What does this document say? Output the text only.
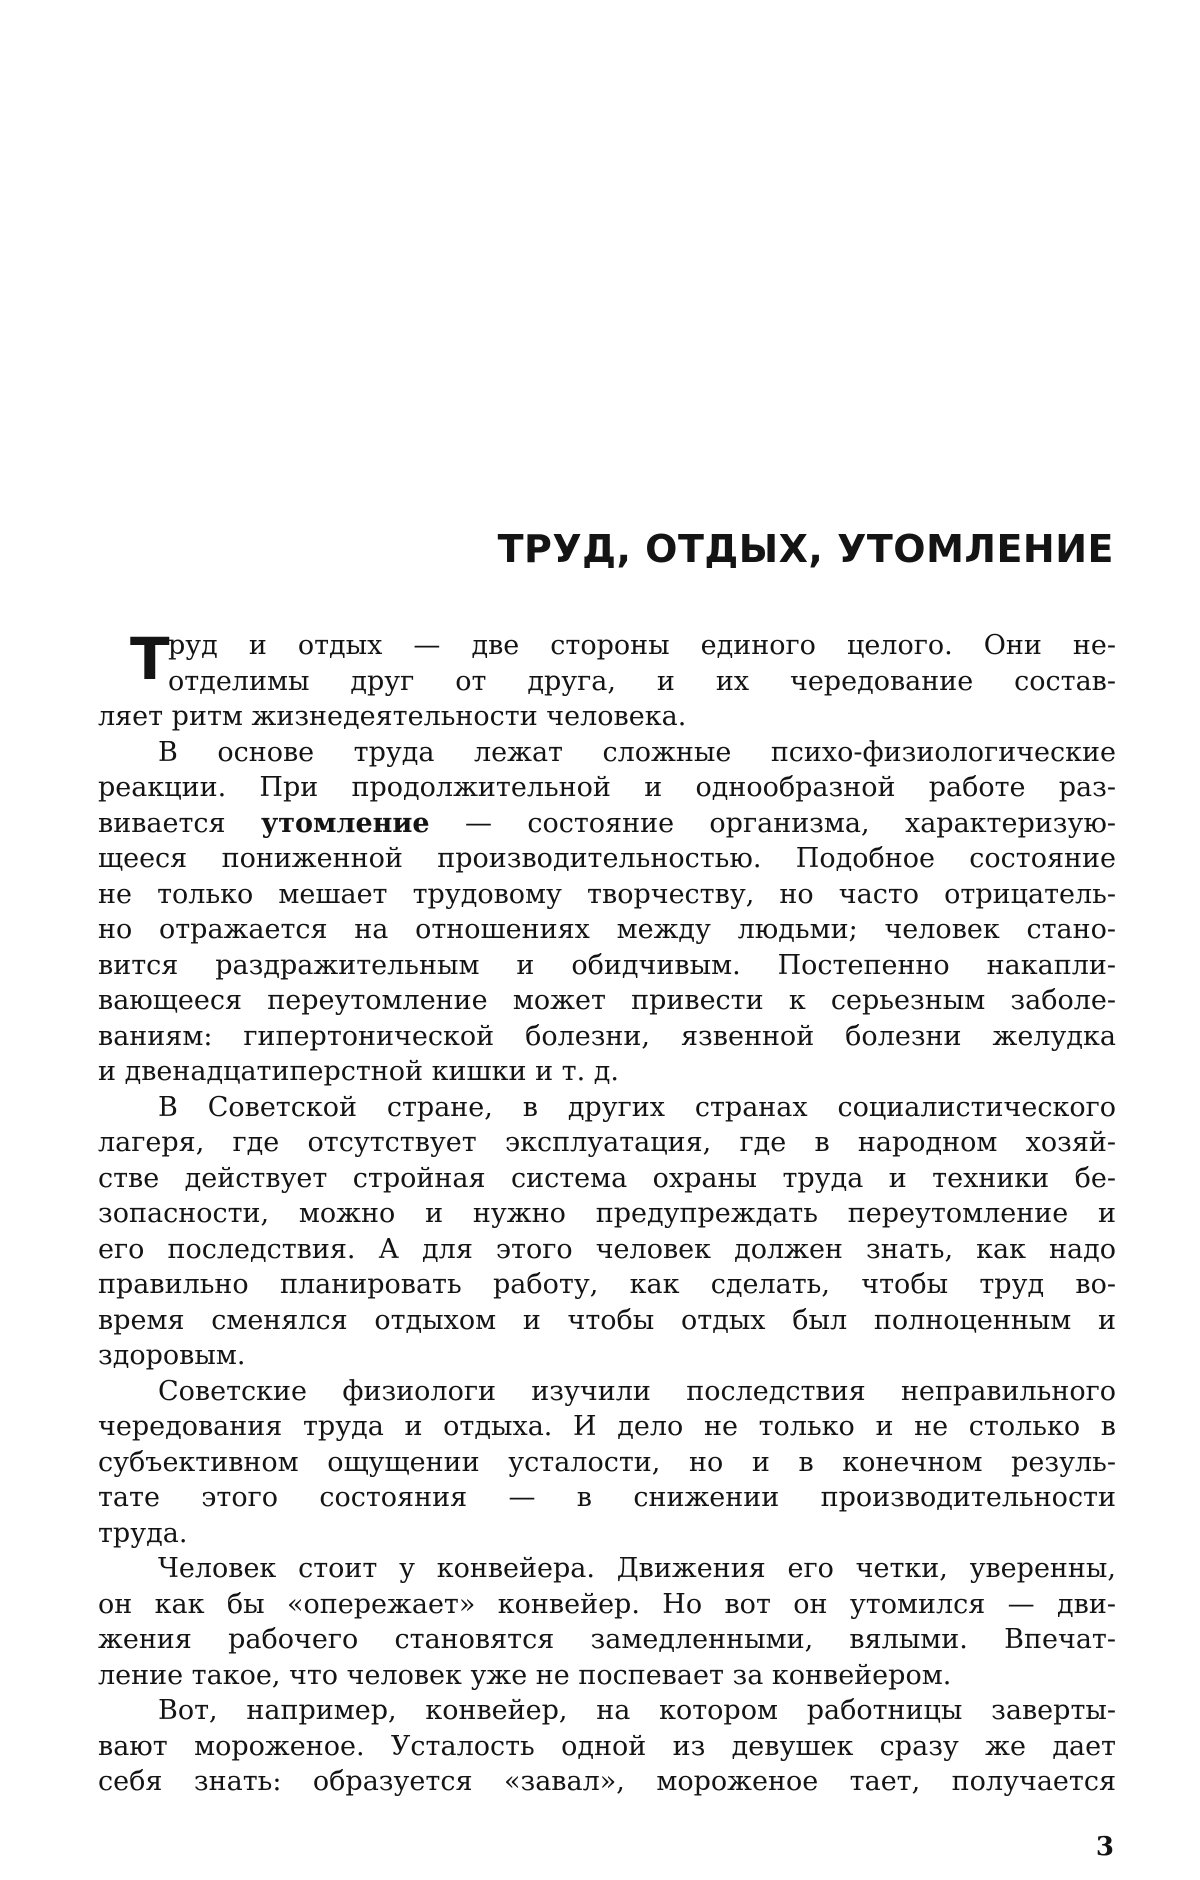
ТРУД, ОТДЫХ, УТОМЛЕНИЕ
Т
руд и отдых — две стороны единого целого. Они не-
отделимы друг от друга, и их чередование состав-
ляет ритм жизнедеятельности человека.
В основе труда лежат сложные психо-физиологические
реакции. При продолжительной и однообразной работе раз-
вивается утомление — состояние организма, характеризую-
щееся пониженной производительностью. Подобное состояние
не только мешает трудовому творчеству, но часто отрицатель-
но отражается на отношениях между людьми; человек стано-
вится раздражительным и обидчивым. Постепенно накапли-
вающееся переутомление может привести к серьезным заболе-
ваниям: гипертонической болезни, язвенной болезни желудка
и двенадцатиперстной кишки и т. д.
В Советской стране, в других странах социалистического
лагеря, где отсутствует эксплуатация, где в народном хозяй-
стве действует стройная система охраны труда и техники бе-
зопасности, можно и нужно предупреждать переутомление и
его последствия. А для этого человек должен знать, как надо
правильно планировать работу, как сделать, чтобы труд во-
время сменялся отдыхом и чтобы отдых был полноценным и
здоровым.
Советские физиологи изучили последствия неправильного
чередования труда и отдыха. И дело не только и не столько в
субъективном ощущении усталости, но и в конечном резуль-
тате этого состояния — в снижении производительности
труда.
Человек стоит у конвейера. Движения его четки, уверенны,
он как бы «опережает» конвейер. Но вот он утомился — дви-
жения рабочего становятся замедленными, вялыми. Впечат-
ление такое, что человек уже не поспевает за конвейером.
Вот, например, конвейер, на котором работницы заверты-
вают мороженое. Усталость одной из девушек сразу же дает
себя знать: образуется «завал», мороженое тает, получается
3
